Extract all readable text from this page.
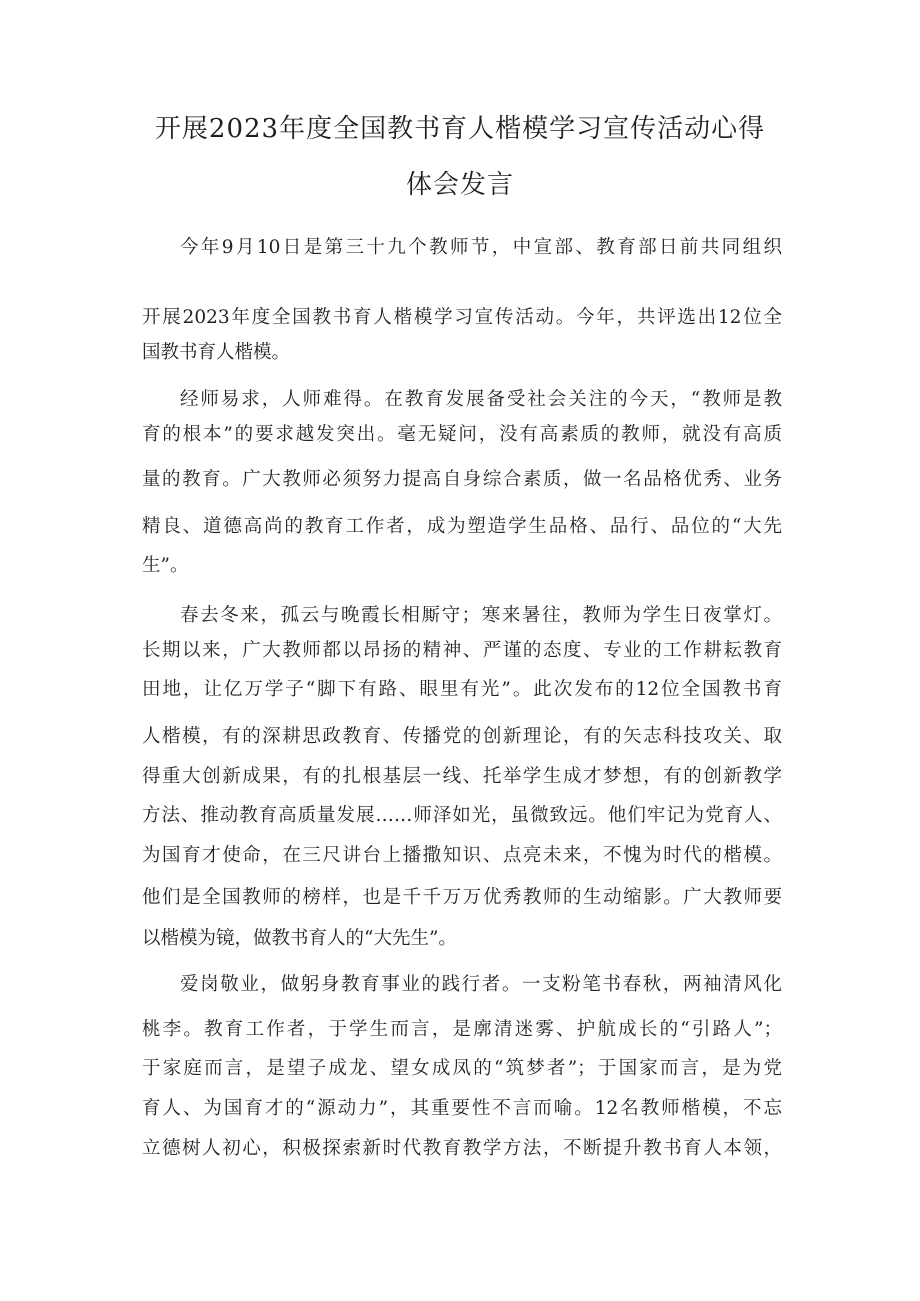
开展2023年度全国教书育人楷模学习宣传活动心得
体会发言
今年9月10日是第三十九个教师节，中宣部、教育部日前共同组织
开展2023年度全国教书育人楷模学习宣传活动。今年，共评选出12位全
国教书育人楷模。
经师易求，人师难得。在教育发展备受社会关注的今天，“教师是教
育的根本”的要求越发突出。毫无疑问，没有高素质的教师，就没有高质
量的教育。广大教师必须努力提高自身综合素质，做一名品格优秀、业务
精良、道德高尚的教育工作者，成为塑造学生品格、品行、品位的“大先
生”。
春去冬来，孤云与晚霞长相厮守；寒来暑往，教师为学生日夜掌灯。
长期以来，广大教师都以昂扬的精神、严谨的态度、专业的工作耕耘教育
田地，让亿万学子“脚下有路、眼里有光”。此次发布的12位全国教书育
人楷模，有的深耕思政教育、传播党的创新理论，有的矢志科技攻关、取
得重大创新成果，有的扎根基层一线、托举学生成才梦想，有的创新教学
方法、推动教育高质量发展……师泽如光，虽微致远。他们牢记为党育人、
为国育才使命，在三尺讲台上播撒知识、点亮未来，不愧为时代的楷模。
他们是全国教师的榜样，也是千千万万优秀教师的生动缩影。广大教师要
以楷模为镜，做教书育人的“大先生”。
爱岗敬业，做躬身教育事业的践行者。一支粉笔书春秋，两袖清风化
桃李。教育工作者，于学生而言，是廓清迷雾、护航成长的“引路人”；
于家庭而言，是望子成龙、望女成凤的“筑梦者”；于国家而言，是为党
育人、为国育才的“源动力”，其重要性不言而喻。12名教师楷模，不忘
立德树人初心，积极探索新时代教育教学方法，不断提升教书育人本领，
